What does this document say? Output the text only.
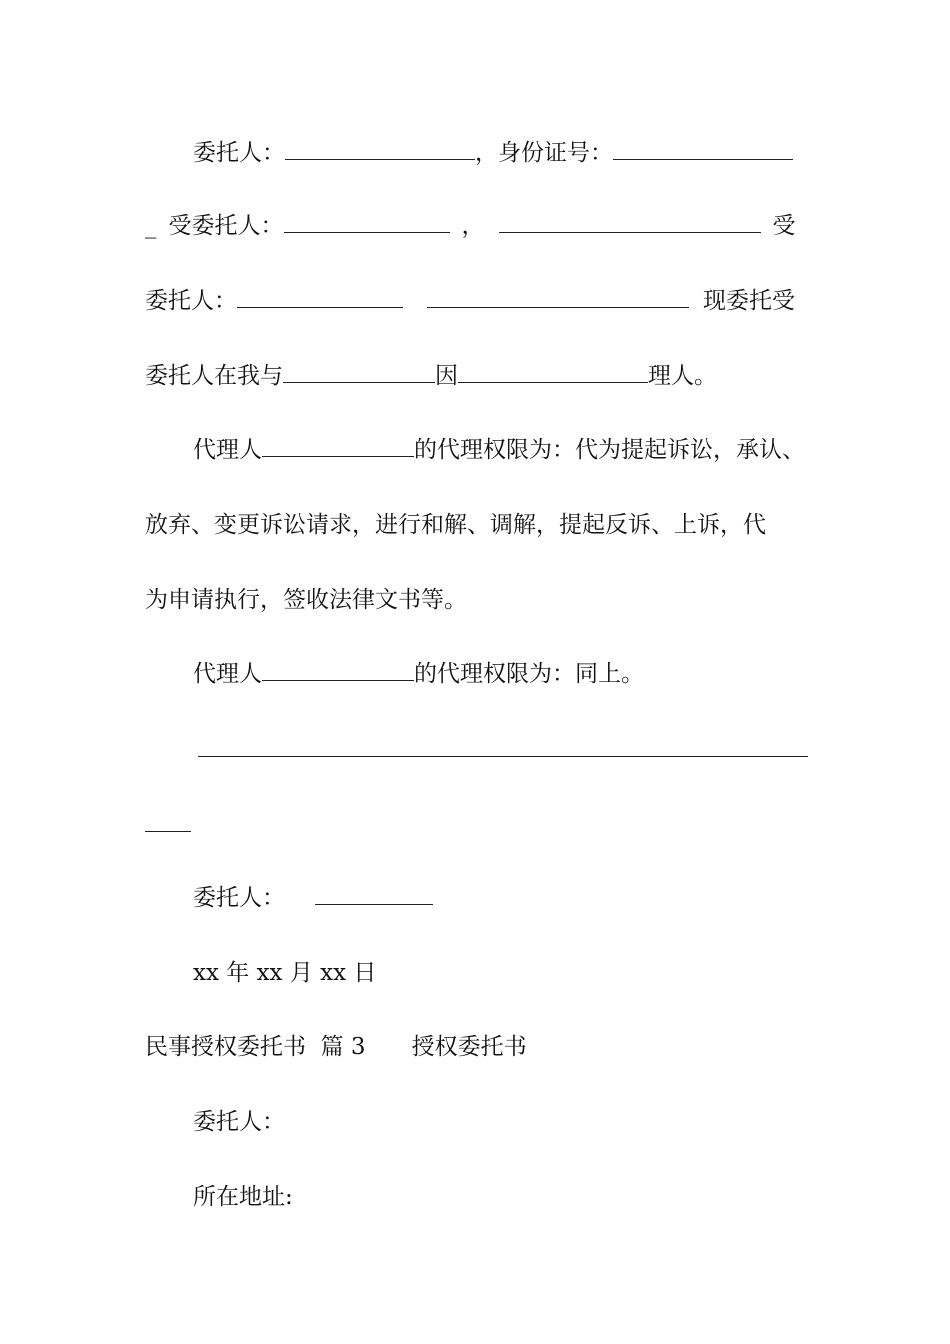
委托人：	，身份证号：
_ 受委托人：	，	受
委托人：	现委托受
委托人在我与	因	理人。
代理人	的代理权限为：代为提起诉讼，承认、
放弃、变更诉讼请求，进行和解、调解，提起反诉、上诉，代
为申请执行，签收法律文书等。
代理人	的代理权限为：同上。
委托人：
xx 年 xx 月 xx 日
民事授权委托书  篇 3 授权委托书
委托人：
所在地址:
